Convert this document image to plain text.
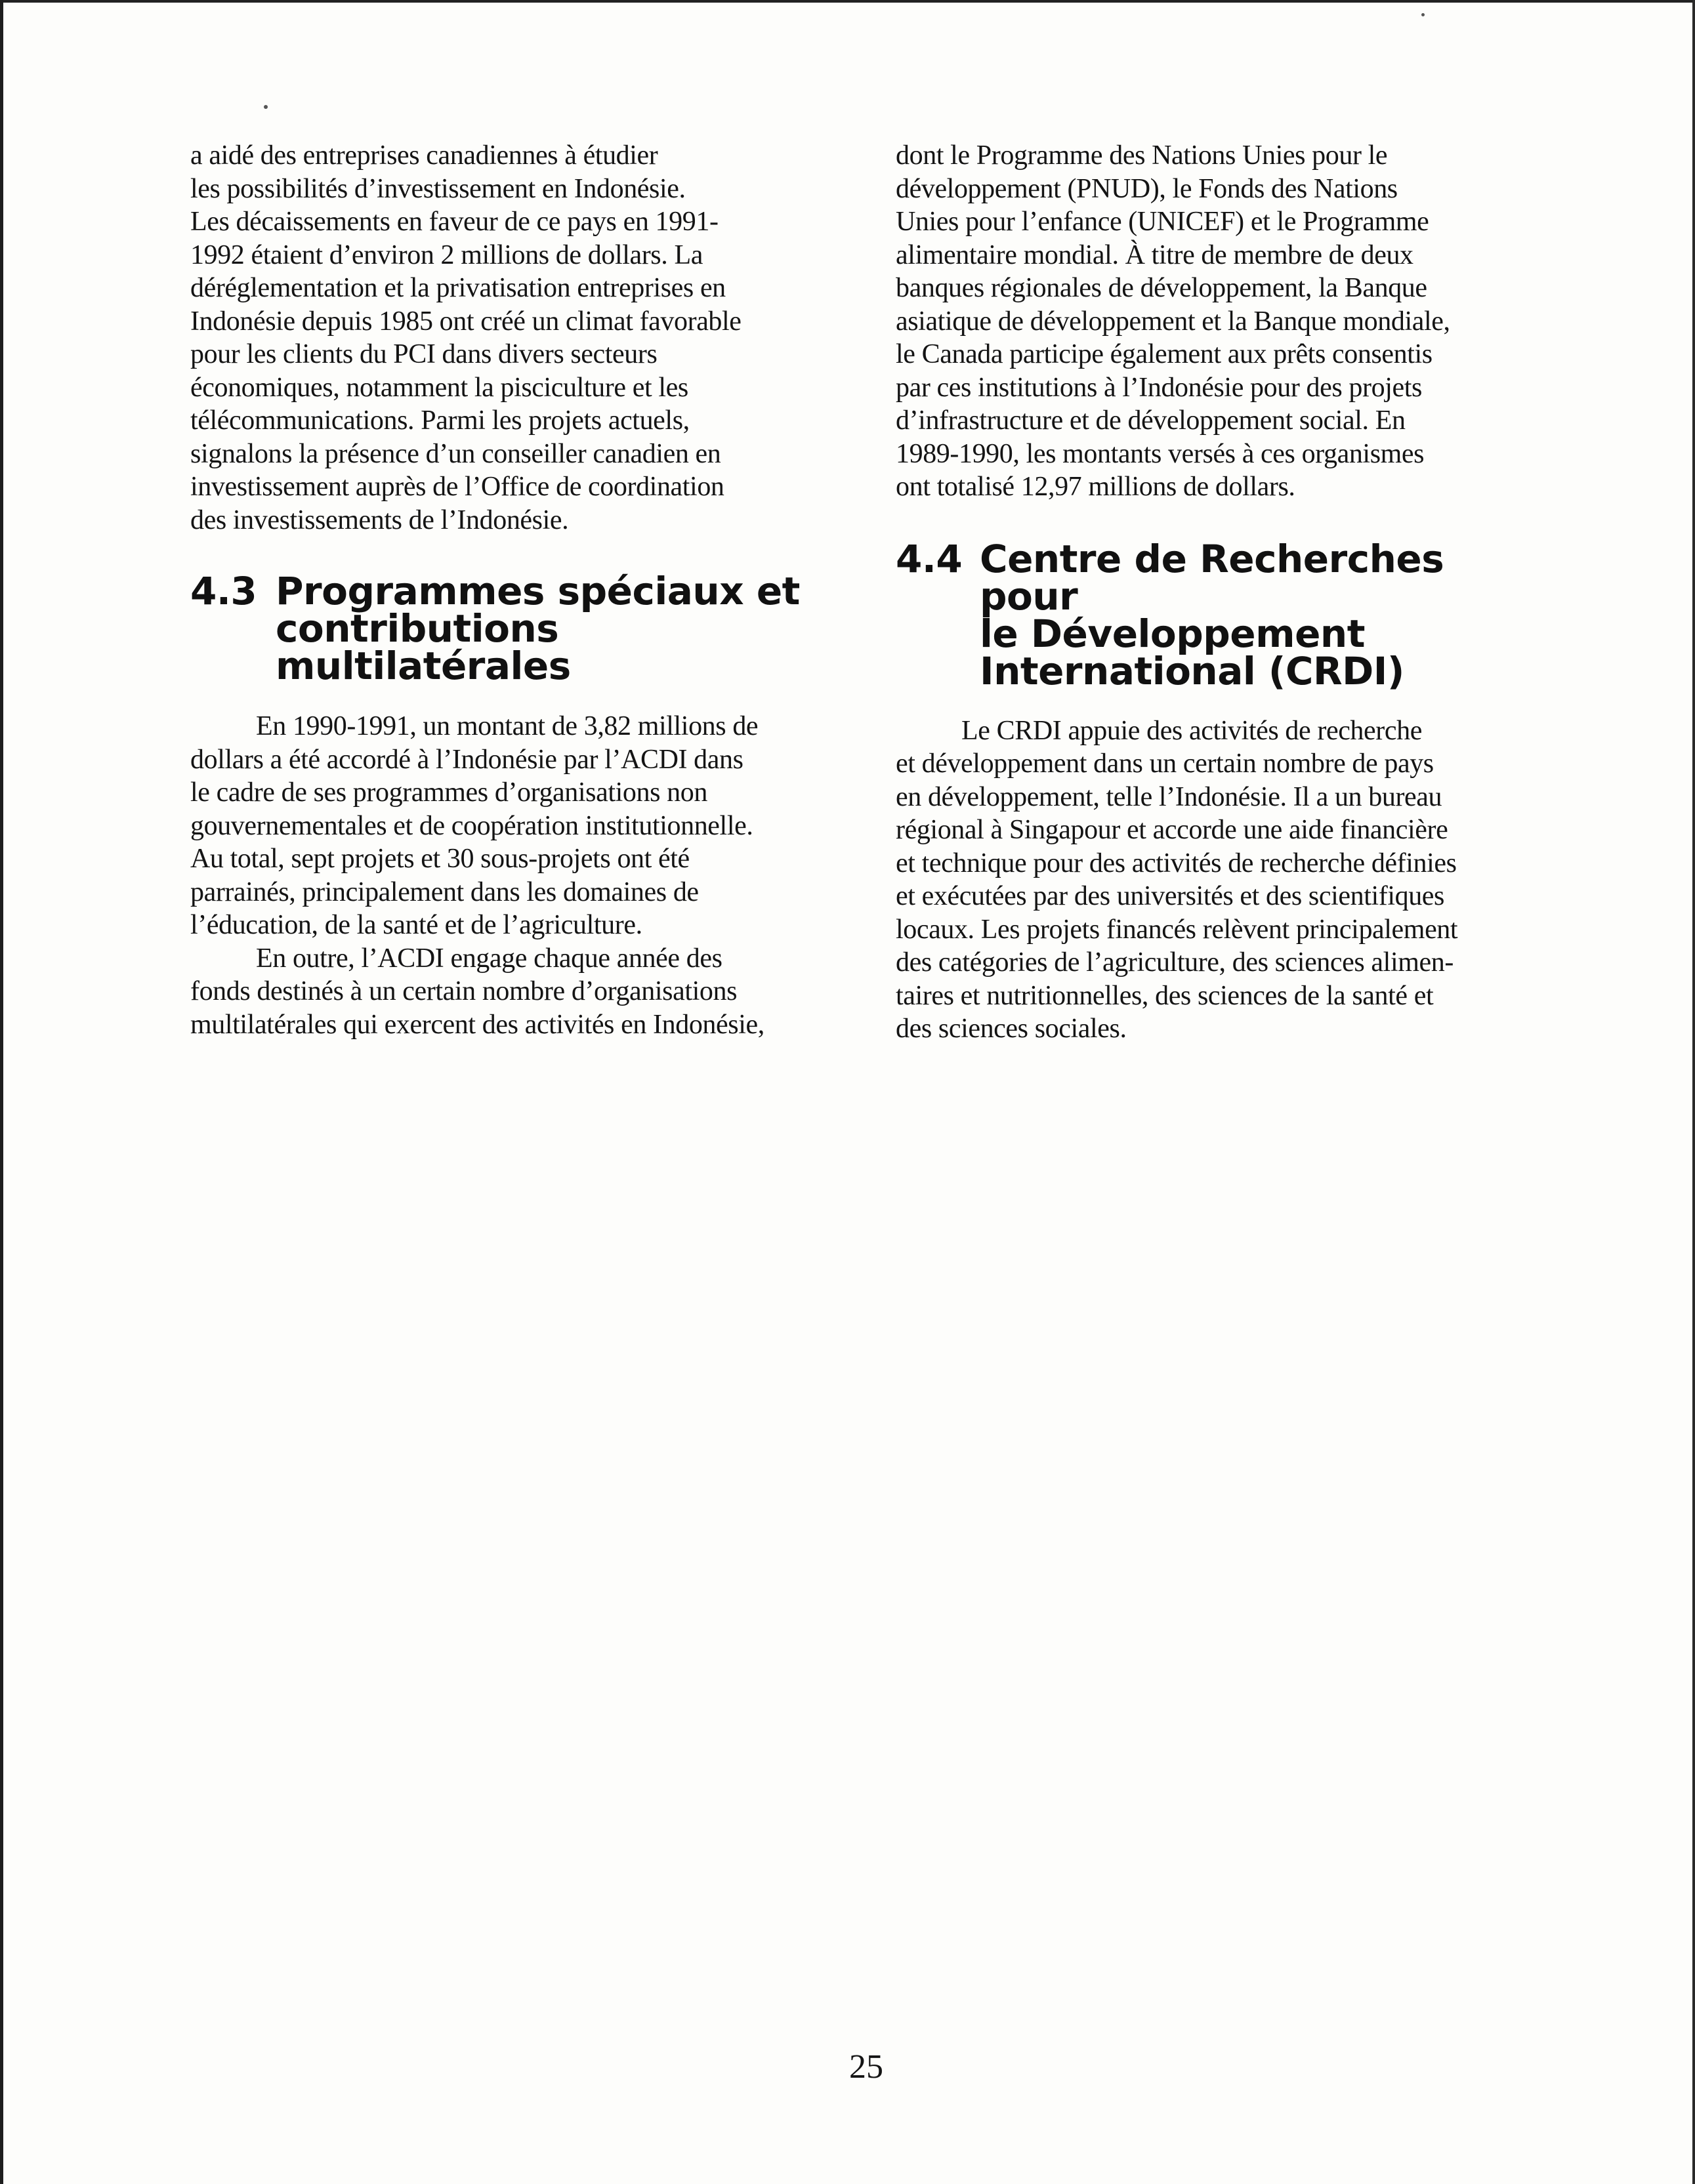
a aidé des entreprises canadiennes à étudier
les possibilités d’investissement en Indonésie.
Les décaissements en faveur de ce pays en 1991-
1992 étaient d’environ 2 millions de dollars. La
déréglementation et la privatisation entreprises en
Indonésie depuis 1985 ont créé un climat favorable
pour les clients du PCI dans divers secteurs
économiques, notamment la pisciculture et les
télécommunications. Parmi les projets actuels,
signalons la présence d’un conseiller canadien en
investissement auprès de l’Office de coordination
des investissements de l’Indonésie.

4.3 Programmes spéciaux et
contributions multilatérales

En 1990-1991, un montant de 3,82 millions de
dollars a été accordé à l’Indonésie par l’ACDI dans
le cadre de ses programmes d’organisations non
gouvernementales et de coopération institutionnelle.
Au total, sept projets et 30 sous-projets ont été
parrainés, principalement dans les domaines de
l’éducation, de la santé et de l’agriculture.

En outre, l’ACDI engage chaque année des
fonds destinés à un certain nombre d’organisations
multilatérales qui exercent des activités en Indonésie,

dont le Programme des Nations Unies pour le
développement (PNUD), le Fonds des Nations
Unies pour l’enfance (UNICEF) et le Programme
alimentaire mondial. À titre de membre de deux
banques régionales de développement, la Banque
asiatique de développement et la Banque mondiale,
le Canada participe également aux prêts consentis
par ces institutions à l’Indonésie pour des projets
d’infrastructure et de développement social. En
1989-1990, les montants versés à ces organismes
ont totalisé 12,97 millions de dollars.

4.4 Centre de Recherches pour
le Développement
International (CRDI)

Le CRDI appuie des activités de recherche
et développement dans un certain nombre de pays
en développement, telle l’Indonésie. Il a un bureau
régional à Singapour et accorde une aide financière
et technique pour des activités de recherche définies
et exécutées par des universités et des scientifiques
locaux. Les projets financés relèvent principalement
des catégories de l’agriculture, des sciences alimen-
taires et nutritionnelles, des sciences de la santé et
des sciences sociales.

25
